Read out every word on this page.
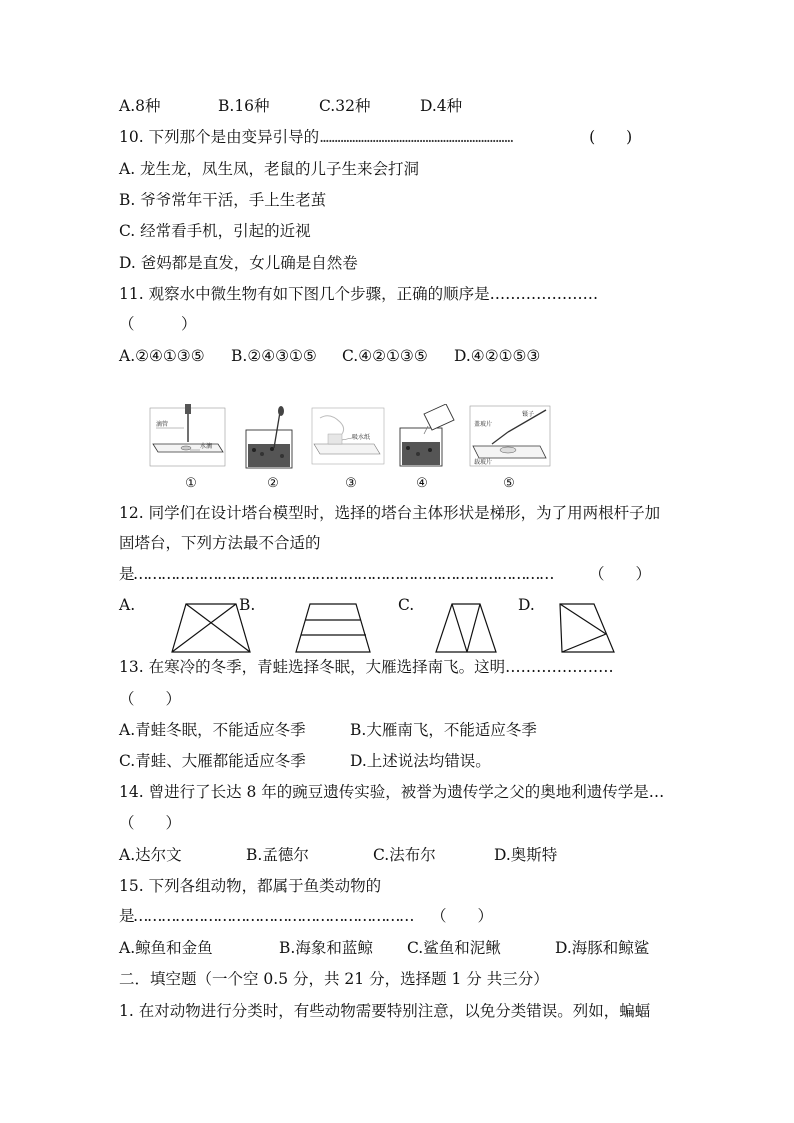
A.8种	B.16种	C.32种	D.4种
10. 下列那个是由变异引导的..................................................................	(　　)
A. 龙生龙，凤生凤，老鼠的儿子生来会打洞
B. 爷爷常年干活，手上生老茧
C. 经常看手机，引起的近视
D. 爸妈都是直发，女儿确是自然卷
11. 观察水中微生物有如下图几个步骤，正确的顺序是…………………
（　　　）
A.②④①③⑤ B.②④③①⑤ C.④②①③⑤ D.④②①⑤③
滴管
水滴
吸水纸
盖玻片
镊子
载玻片
①	②	③	④	⑤
12. 同学们在设计塔台模型时，选择的塔台主体形状是梯形，为了用两根杆子加
固塔台，下列方法最不合适的
是……………………………………………………………………………… （　　）
A.	B.	C.	D.
13. 在寒冷的冬季，青蛙选择冬眠，大雁选择南飞。这明…………………
（　　）
A.青蛙冬眠，不能适应冬季	B.大雁南飞，不能适应冬季
C.青蛙、大雁都能适应冬季	D.上述说法均错误。
14. 曾进行了长达 8 年的豌豆遗传实验，被誉为遗传学之父的奥地利遗传学是…
（　　）
A.达尔文	B.孟德尔	C.法布尔	D.奥斯特
15. 下列各组动物，都属于鱼类动物的
是…………………………………………………… （　　）
A.鲸鱼和金鱼	B.海象和蓝鲸 C.鲨鱼和泥鳅	D.海豚和鲸鲨
二．填空题（一个空 0.5 分，共 21 分，选择题 1 分 共三分）
1. 在对动物进行分类时，有些动物需要特别注意，以免分类错误。列如，蝙蝠
